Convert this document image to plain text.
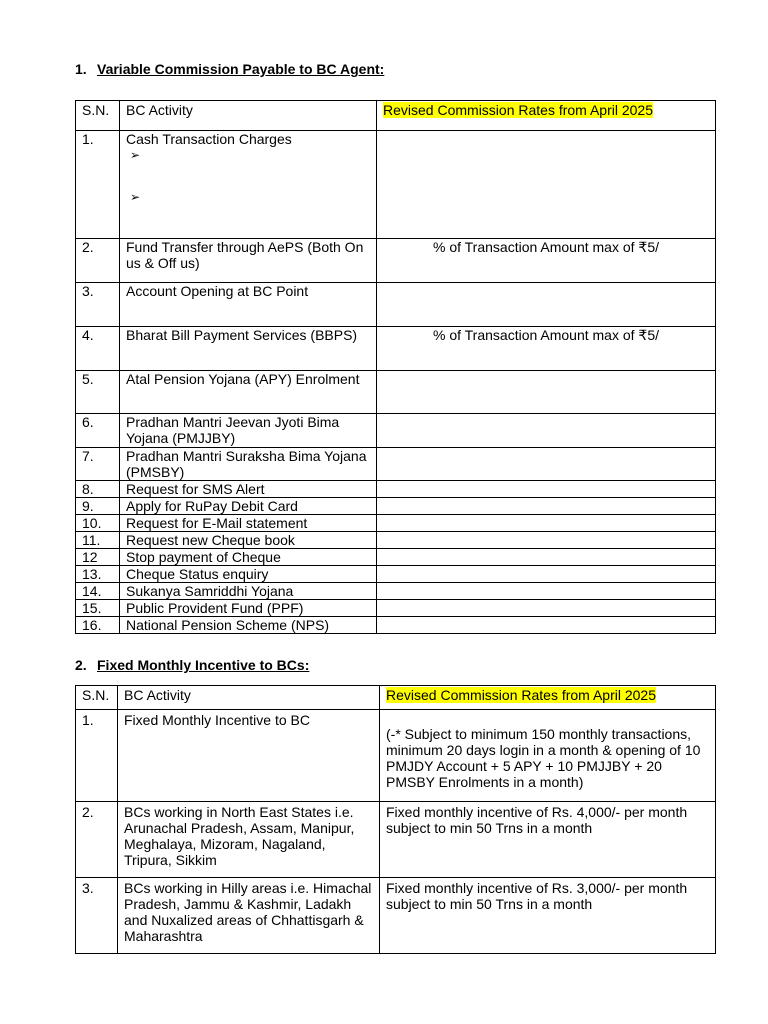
1. Variable Commission Payable to BC Agent:
S.N.	BC Activity	Revised Commission Rates from April 2025
1.	Cash Transaction Charges
➢
➢	

2.	Fund Transfer through AePS (Both On us & Off us)	% of Transaction Amount max of ₹5/
3.	Account Opening at BC Point	
4.	Bharat Bill Payment Services (BBPS)	% of Transaction Amount max of ₹5/
5.	Atal Pension Yojana (APY) Enrolment	
6.	Pradhan Mantri Jeevan Jyoti Bima Yojana (PMJJBY)	
7.	Pradhan Mantri Suraksha Bima Yojana (PMSBY)	
8.	Request for SMS Alert	
9.	Apply for RuPay Debit Card	
10.	Request for E-Mail statement	
11.	Request new Cheque book	
12	Stop payment of Cheque	
13.	Cheque Status enquiry	
14.	Sukanya Samriddhi Yojana	
15.	Public Provident Fund (PPF)	
16.	National Pension Scheme (NPS)	
2. Fixed Monthly Incentive to BCs:
S.N.	BC Activity	Revised Commission Rates from April 2025
1.	Fixed Monthly Incentive to BC	(-* Subject to minimum 150 monthly transactions, minimum 20 days login in a month & opening of 10 PMJDY Account + 5 APY + 10 PMJJBY + 20 PMSBY Enrolments in a month)
2.	BCs working in North East States i.e. Arunachal Pradesh, Assam, Manipur, Meghalaya, Mizoram, Nagaland, Tripura, Sikkim	Fixed monthly incentive of Rs. 4,000/- per month subject to min 50 Trns in a month
3.	BCs working in Hilly areas i.e. Himachal Pradesh, Jammu & Kashmir, Ladakh and Nuxalized areas of Chhattisgarh & Maharashtra	Fixed monthly incentive of Rs. 3,000/- per month subject to min 50 Trns in a month
